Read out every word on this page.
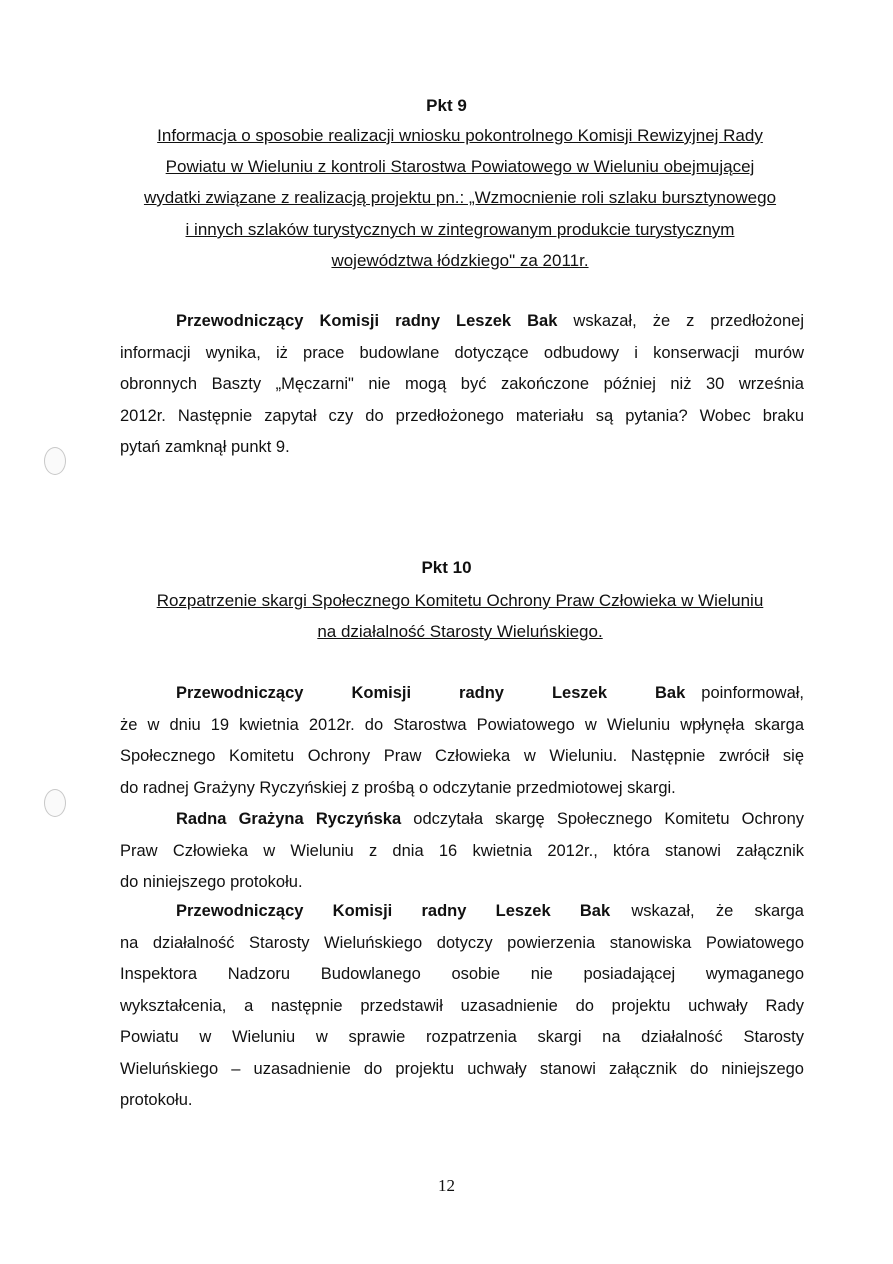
Pkt 9
Informacja o sposobie realizacji wniosku pokontrolnego Komisji Rewizyjnej Rady
Powiatu w Wieluniu z kontroli Starostwa Powiatowego w Wieluniu obejmującej
wydatki związane z realizacją projektu pn.: „Wzmocnienie roli szlaku bursztynowego
i innych szlaków turystycznych w zintegrowanym produkcie turystycznym
województwa łódzkiego" za 2011r.
Przewodniczący Komisji radny Leszek Bak wskazał, że z przedłożonej
informacji wynika, iż prace budowlane dotyczące odbudowy i konserwacji murów
obronnych Baszty „Męczarni" nie mogą być zakończone później niż 30 września
2012r. Następnie zapytał czy do przedłożonego materiału są pytania? Wobec braku
pytań zamknął punkt 9.
Pkt 10
Rozpatrzenie skargi Społecznego Komitetu Ochrony Praw Człowieka w Wieluniu
na działalność Starosty Wieluńskiego.
Przewodniczący Komisji radny Leszek Bak poinformował,
że w dniu 19 kwietnia 2012r. do Starostwa Powiatowego w Wieluniu wpłynęła skarga
Społecznego Komitetu Ochrony Praw Człowieka w Wieluniu. Następnie zwrócił się
do radnej Grażyny Ryczyńskiej z prośbą o odczytanie przedmiotowej skargi.
Radna Grażyna Ryczyńska odczytała skargę Społecznego Komitetu Ochrony
Praw Człowieka w Wieluniu z dnia 16 kwietnia 2012r., która stanowi załącznik
do niniejszego protokołu.
Przewodniczący Komisji radny Leszek Bak wskazał, że skarga
na działalność Starosty Wieluńskiego dotyczy powierzenia stanowiska Powiatowego
Inspektora Nadzoru Budowlanego osobie nie posiadającej wymaganego
wykształcenia, a następnie przedstawił uzasadnienie do projektu uchwały Rady
Powiatu w Wieluniu w sprawie rozpatrzenia skargi na działalność Starosty
Wieluńskiego – uzasadnienie do projektu uchwały stanowi załącznik do niniejszego
protokołu.
12
